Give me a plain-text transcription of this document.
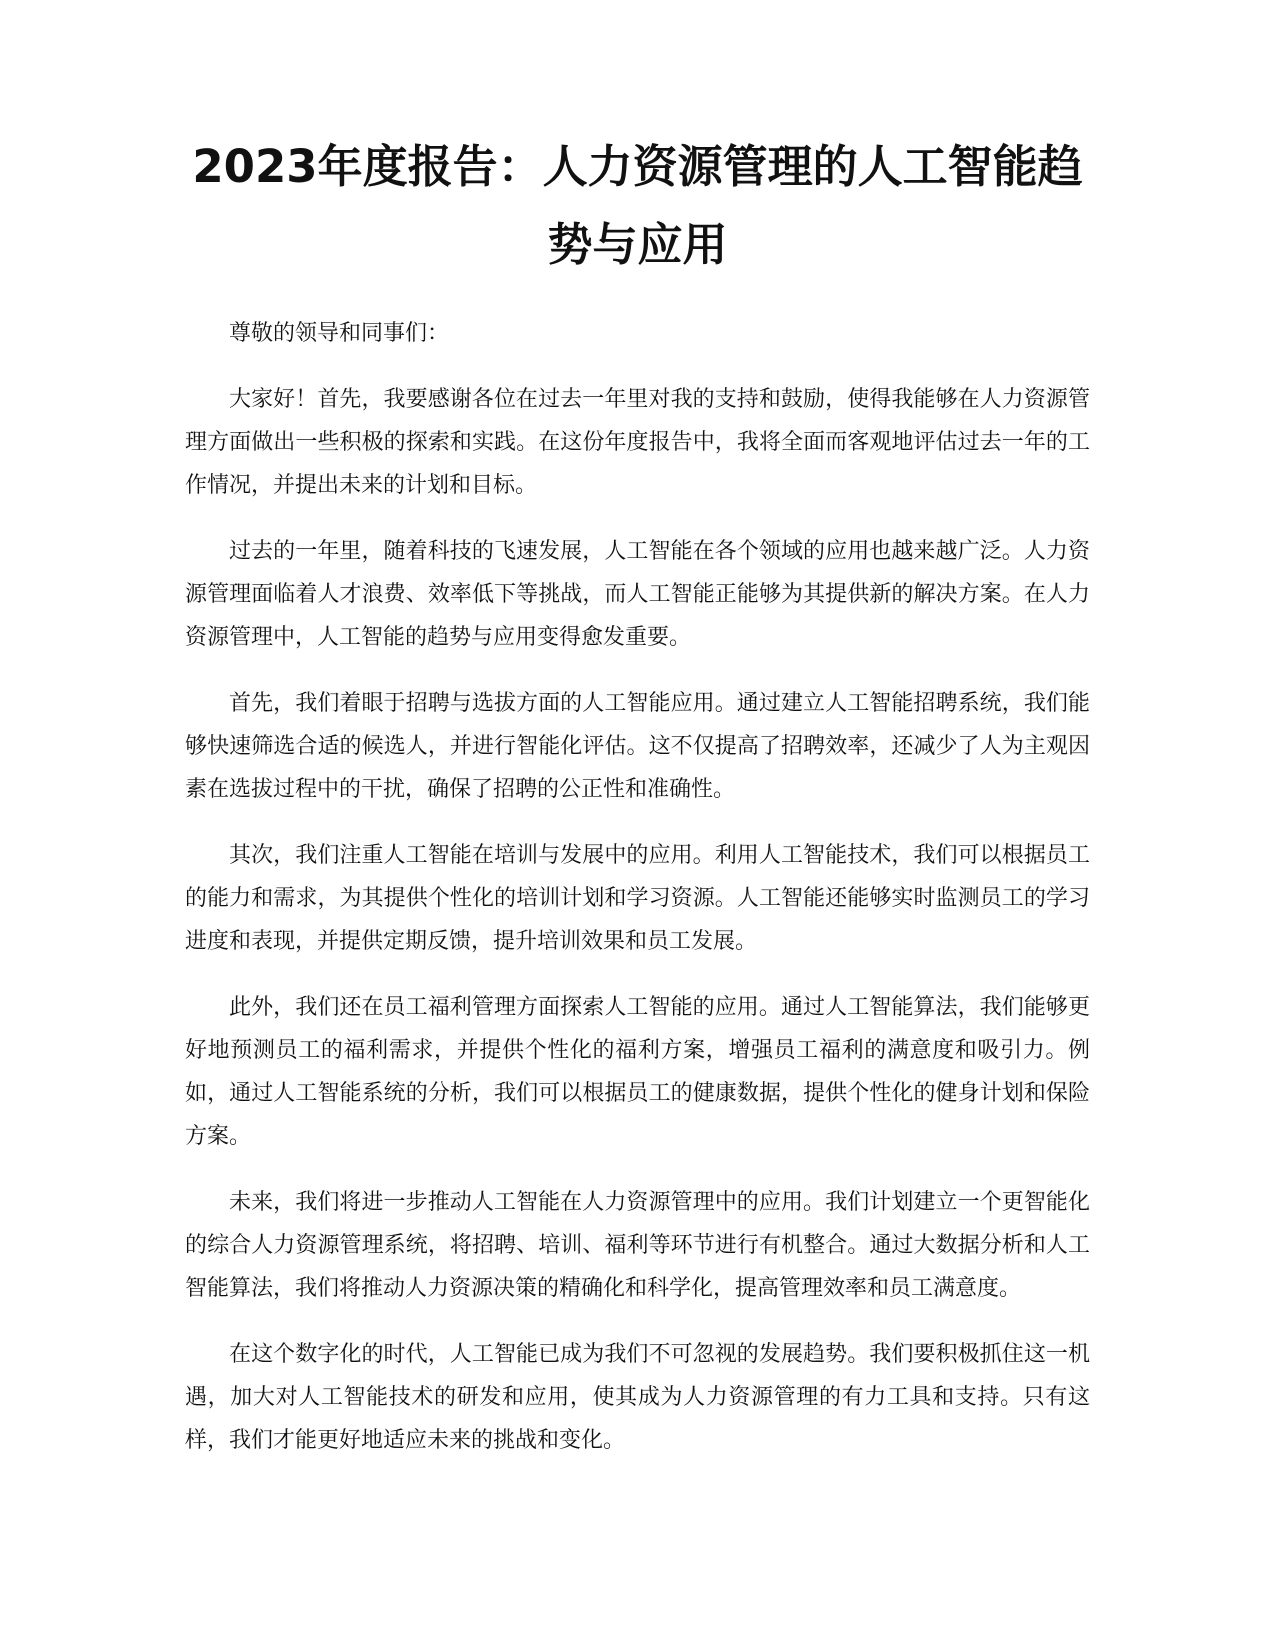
2023年度报告：人力资源管理的人工智能趋势与应用

尊敬的领导和同事们：

大家好！首先，我要感谢各位在过去一年里对我的支持和鼓励，使得我能够在人力资源管理方面做出一些积极的探索和实践。在这份年度报告中，我将全面而客观地评估过去一年的工作情况，并提出未来的计划和目标。

过去的一年里，随着科技的飞速发展，人工智能在各个领域的应用也越来越广泛。人力资源管理面临着人才浪费、效率低下等挑战，而人工智能正能够为其提供新的解决方案。在人力资源管理中，人工智能的趋势与应用变得愈发重要。

首先，我们着眼于招聘与选拔方面的人工智能应用。通过建立人工智能招聘系统，我们能够快速筛选合适的候选人，并进行智能化评估。这不仅提高了招聘效率，还减少了人为主观因素在选拔过程中的干扰，确保了招聘的公正性和准确性。

其次，我们注重人工智能在培训与发展中的应用。利用人工智能技术，我们可以根据员工的能力和需求，为其提供个性化的培训计划和学习资源。人工智能还能够实时监测员工的学习进度和表现，并提供定期反馈，提升培训效果和员工发展。

此外，我们还在员工福利管理方面探索人工智能的应用。通过人工智能算法，我们能够更好地预测员工的福利需求，并提供个性化的福利方案，增强员工福利的满意度和吸引力。例如，通过人工智能系统的分析，我们可以根据员工的健康数据，提供个性化的健身计划和保险方案。

未来，我们将进一步推动人工智能在人力资源管理中的应用。我们计划建立一个更智能化的综合人力资源管理系统，将招聘、培训、福利等环节进行有机整合。通过大数据分析和人工智能算法，我们将推动人力资源决策的精确化和科学化，提高管理效率和员工满意度。

在这个数字化的时代，人工智能已成为我们不可忽视的发展趋势。我们要积极抓住这一机遇，加大对人工智能技术的研发和应用，使其成为人力资源管理的有力工具和支持。只有这样，我们才能更好地适应未来的挑战和变化。
